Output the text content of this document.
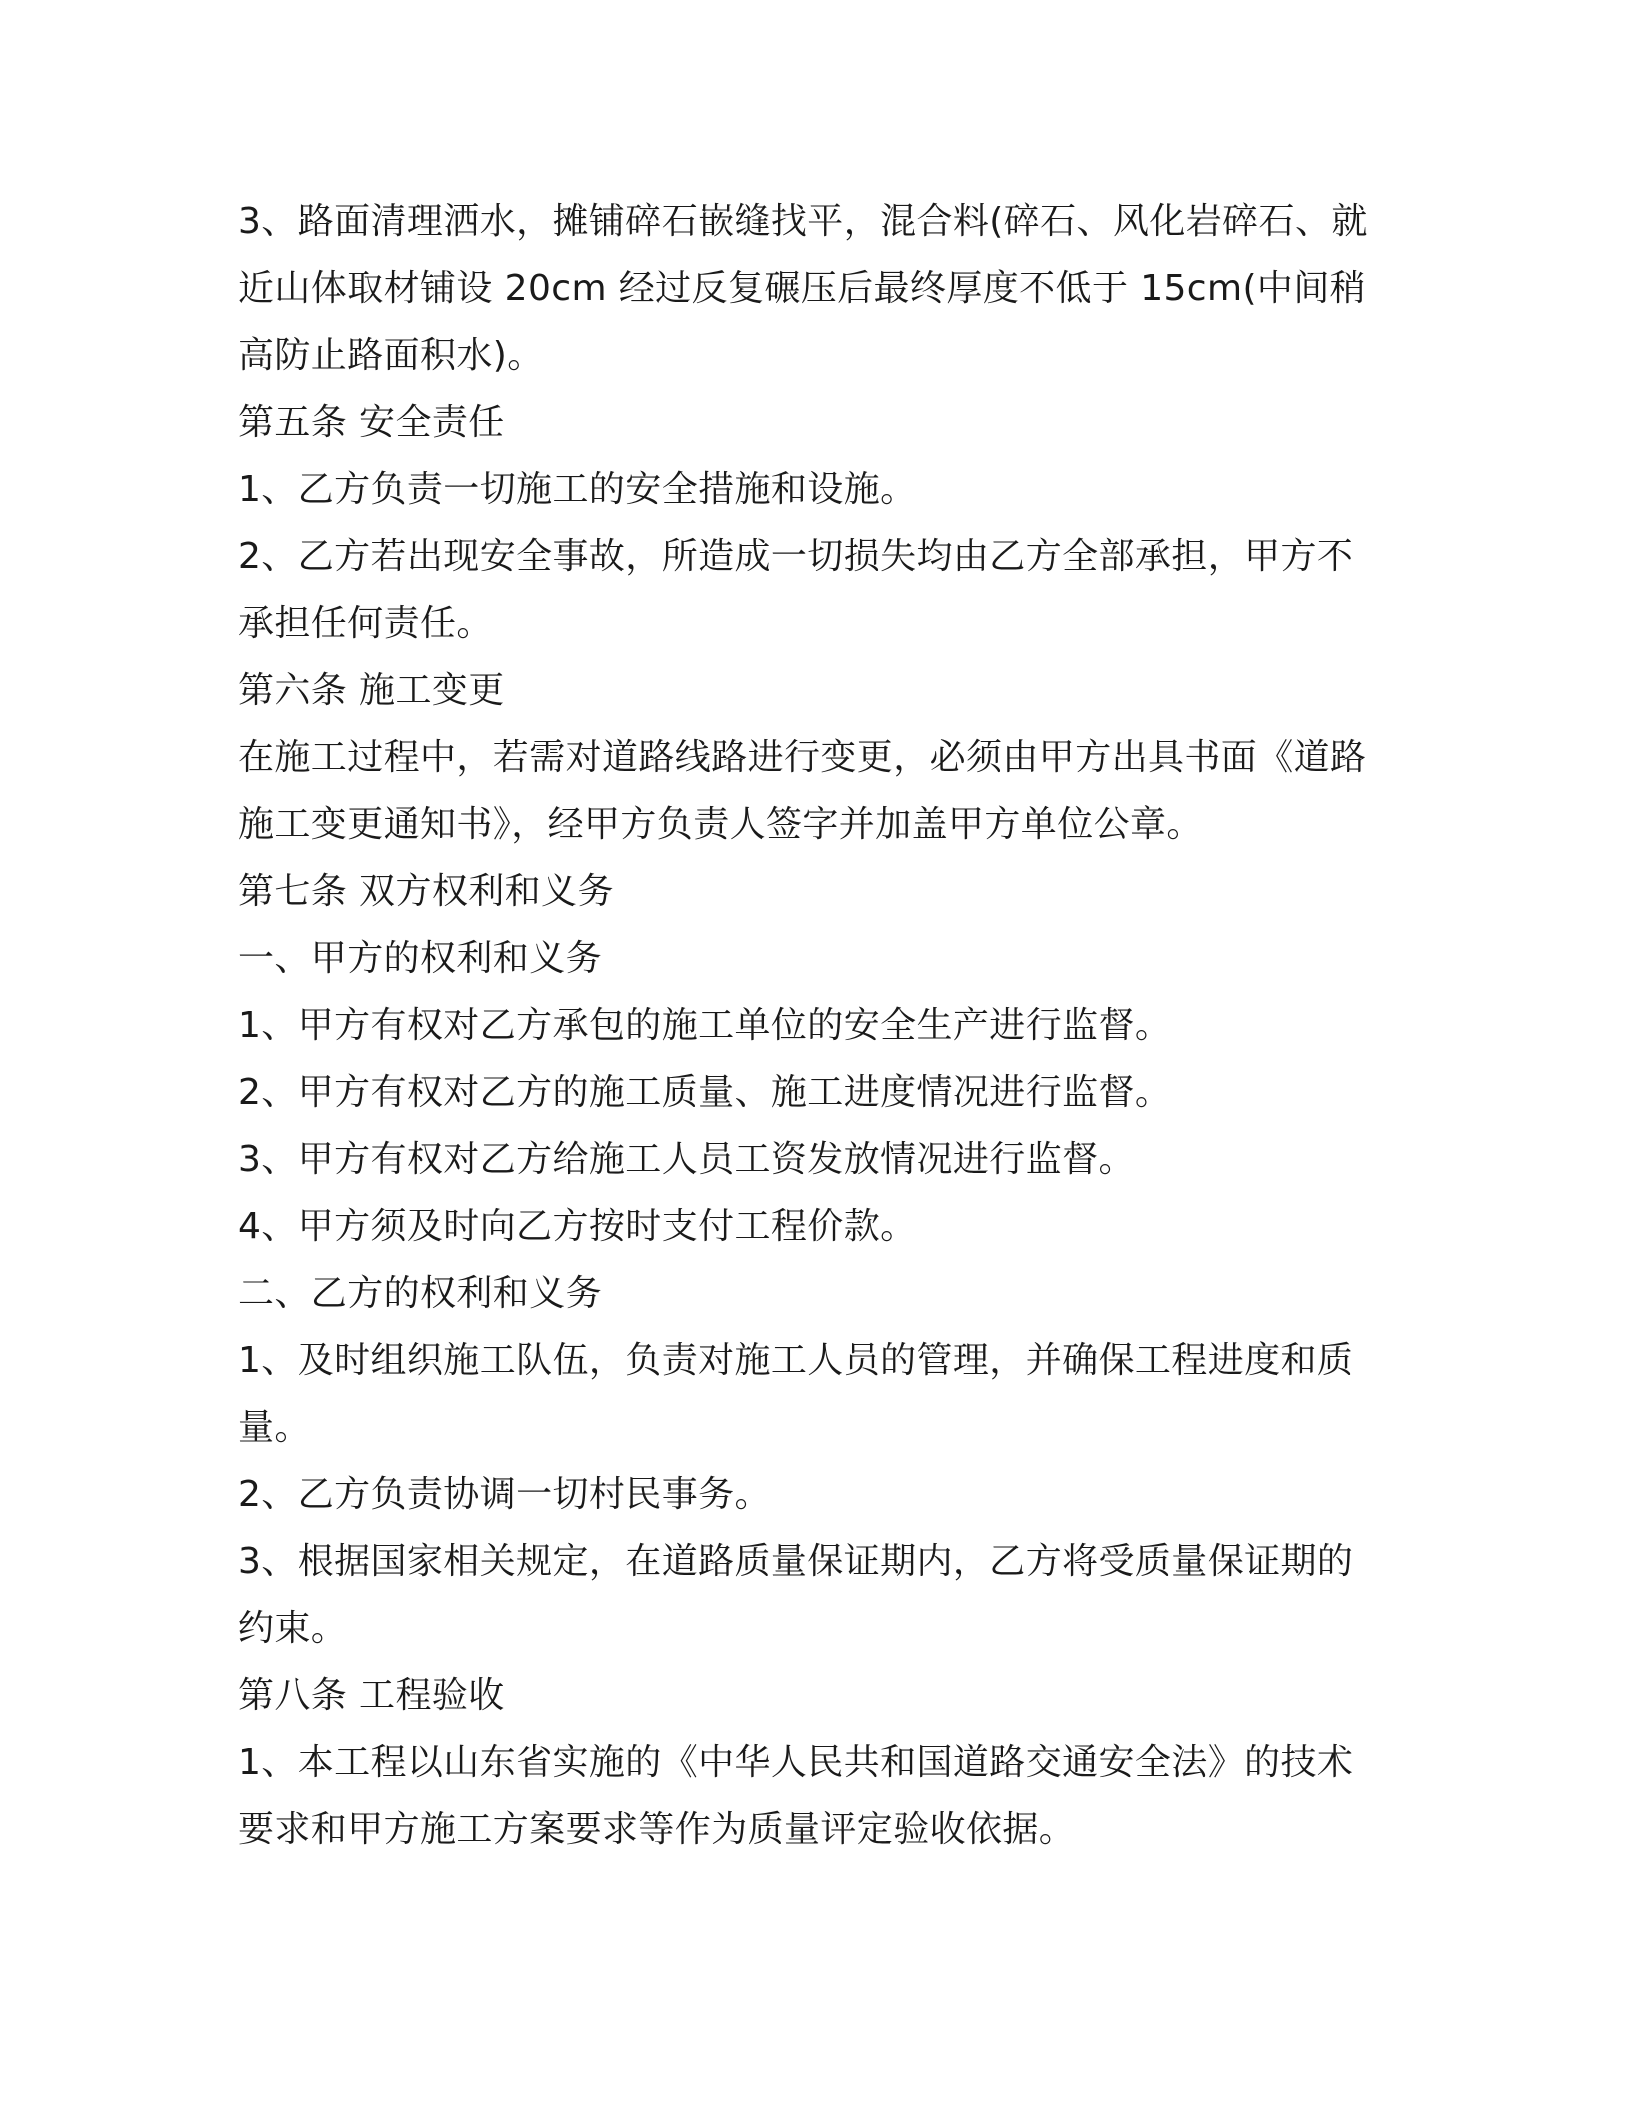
3、路面清理洒水，摊铺碎石嵌缝找平，混合料(碎石、风化岩碎石、就近山体取材铺设 20cm 经过反复碾压后最终厚度不低于 15cm(中间稍高防止路面积水)。

第五条 安全责任

1、乙方负责一切施工的安全措施和设施。

2、乙方若出现安全事故，所造成一切损失均由乙方全部承担，甲方不承担任何责任。

第六条 施工变更

在施工过程中，若需对道路线路进行变更，必须由甲方出具书面《道路施工变更通知书》，经甲方负责人签字并加盖甲方单位公章。

第七条 双方权利和义务

一、甲方的权利和义务

1、甲方有权对乙方承包的施工单位的安全生产进行监督。

2、甲方有权对乙方的施工质量、施工进度情况进行监督。

3、甲方有权对乙方给施工人员工资发放情况进行监督。

4、甲方须及时向乙方按时支付工程价款。

二、乙方的权利和义务

1、及时组织施工队伍，负责对施工人员的管理，并确保工程进度和质量。

2、乙方负责协调一切村民事务。

3、根据国家相关规定，在道路质量保证期内，乙方将受质量保证期的约束。

第八条 工程验收

1、本工程以山东省实施的《中华人民共和国道路交通安全法》的技术要求和甲方施工方案要求等作为质量评定验收依据。
